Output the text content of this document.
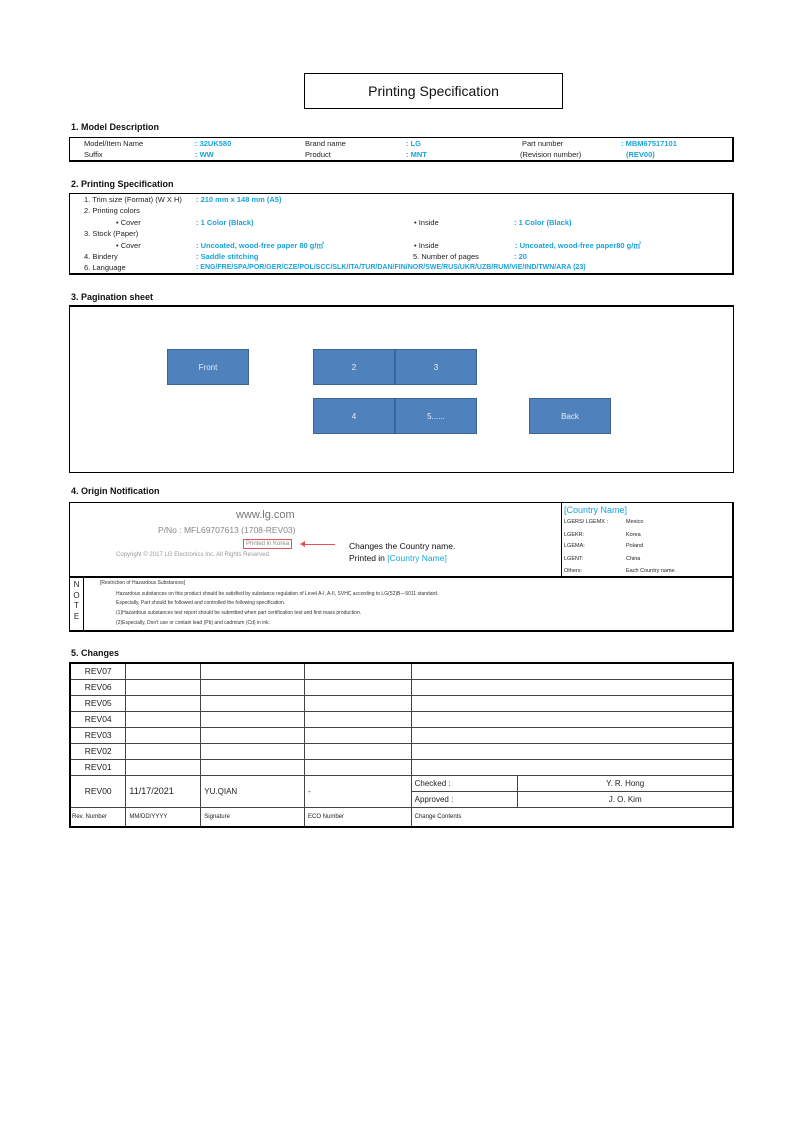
Printing Specification
1. Model Description
Model/Item Name	: 32UK580	Brand name	: LG	Part number	: MBM67517101
Suffix	: WW	Product	: MNT	(Revision number)	(REV00)
2. Printing Specification
1. Trim size (Format) (W X H) : 210 mm x 148 mm (A5)
2. Printing colors
• Cover	: 1 Color (Black)	• Inside	: 1 Color (Black)
3. Stock (Paper)
• Cover	: Uncoated, wood-free paper 80 g/㎡	• Inside	: Uncoated, wood-free paper80 g/㎡
4. Bindery	: Saddle stitching	5. Number of pages	: 20
6. Language	: ENG/FRE/SPA/POR/GER/CZE/POL/SCC/SLK/ITA/TUR/DAN/FIN/NOR/SWE/RUS/UKR/UZB/RUM/VIE/IND/TWN/ARA (23)
3. Pagination sheet
Front	2	3
4	5......	Back
4. Origin Notification
www.lg.com
P/No : MFL69707613 (1708-REV03)
Printed in Korea
Copyright © 2017 LG Electronics Inc. All Rights Reserved.
Changes the Country name.
Printed in [Country Name]
[Country Name]
LGERS/ LGEMX :	Mexico
LGEKR:	Korea
LGEMA:	Poland
LGENT:	China
Others:	Each Country name.
N
O
T
E
[Restriction of Hazardous Substances]
Hazardous substances on this product should be satisfied by substance regulation of Level A-I, A-II, SVHC according to LG(52)B—5011 standard.
Especially, Part should be followed and controlled the following specification.
(1)Hazardous substances test report should be submitted when part certification test and first mass production.
(2)Especially, Don't use or contain lead (Pb) and cadmium (Cd) in ink.
5. Changes
REV07					
REV06					
REV05					
REV04					
REV03					
REV02					
REV01					
REV00	11/17/2021	YU.QIAN	-	Checked :	Y. R. Hong
				Approved :	J. O. Kim
Rev. Number	MM/DD/YYYY	Signature	ECO Number	Change Contents	
